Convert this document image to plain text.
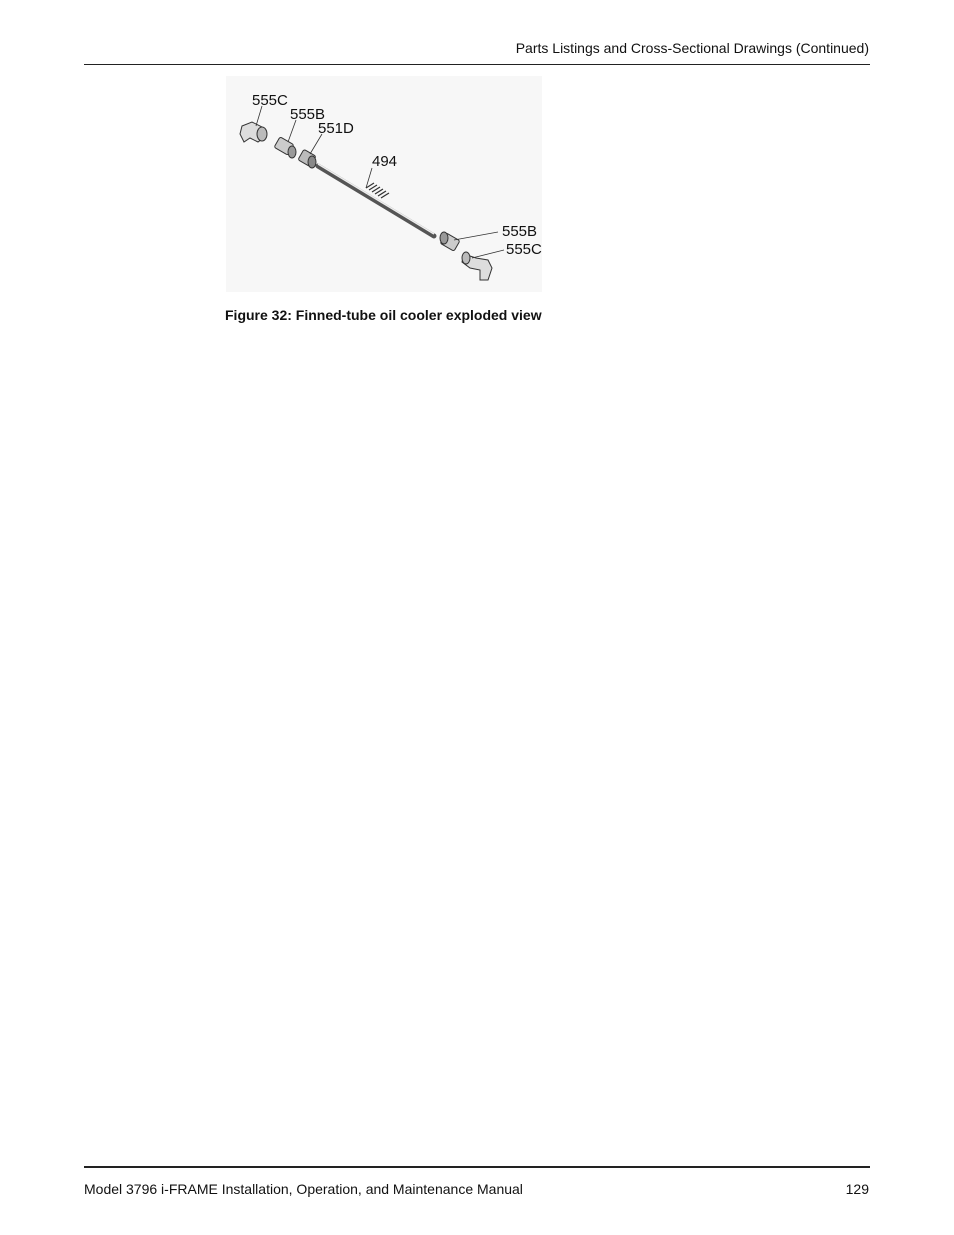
Parts Listings and Cross-Sectional Drawings (Continued)
555C
555B
551D
494
555B
555C
Figure 32: Finned-tube oil cooler exploded view
Model 3796 i-FRAME Installation, Operation, and Maintenance Manual	129
